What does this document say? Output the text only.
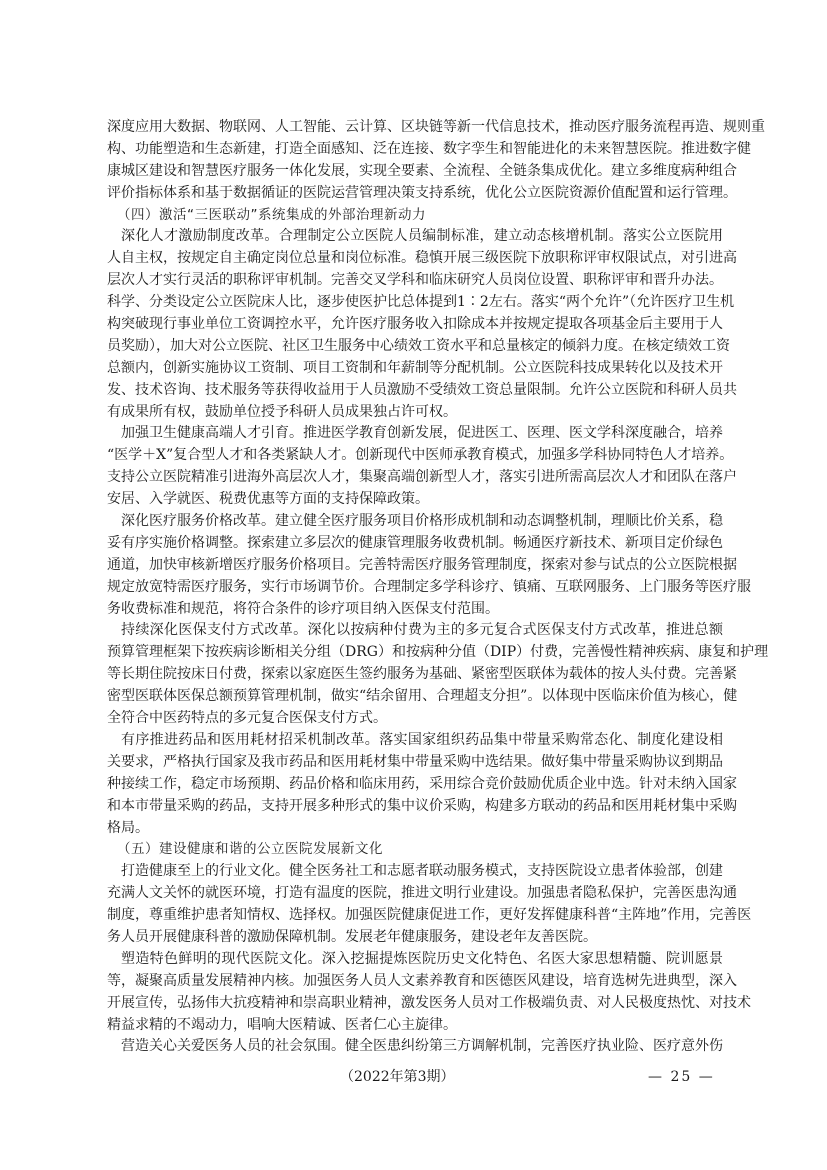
深度应用大数据、物联网、人工智能、云计算、区块链等新一代信息技术，推动医疗服务流程再造、规则重
构、功能塑造和生态新建，打造全面感知、泛在连接、数字孪生和智能进化的未来智慧医院。推进数字健
康城区建设和智慧医疗服务一体化发展，实现全要素、全流程、全链条集成优化。建立多维度病种组合
评价指标体系和基于数据循证的医院运营管理决策支持系统，优化公立医院资源价值配置和运行管理。
（四）激活“三医联动”系统集成的外部治理新动力
深化人才激励制度改革。合理制定公立医院人员编制标准，建立动态核增机制。落实公立医院用
人自主权，按规定自主确定岗位总量和岗位标准。稳慎开展三级医院下放职称评审权限试点，对引进高
层次人才实行灵活的职称评审机制。完善交叉学科和临床研究人员岗位设置、职称评审和晋升办法。
科学、分类设定公立医院床人比，逐步使医护比总体提到1∶2左右。落实“两个允许”（允许医疗卫生机
构突破现行事业单位工资调控水平，允许医疗服务收入扣除成本并按规定提取各项基金后主要用于人
员奖励），加大对公立医院、社区卫生服务中心绩效工资水平和总量核定的倾斜力度。在核定绩效工资
总额内，创新实施协议工资制、项目工资制和年薪制等分配机制。公立医院科技成果转化以及技术开
发、技术咨询、技术服务等获得收益用于人员激励不受绩效工资总量限制。允许公立医院和科研人员共
有成果所有权，鼓励单位授予科研人员成果独占许可权。
加强卫生健康高端人才引育。推进医学教育创新发展，促进医工、医理、医文学科深度融合，培养
“医学＋X”复合型人才和各类紧缺人才。创新现代中医师承教育模式，加强多学科协同特色人才培养。
支持公立医院精准引进海外高层次人才，集聚高端创新型人才，落实引进所需高层次人才和团队在落户
安居、入学就医、税费优惠等方面的支持保障政策。
深化医疗服务价格改革。建立健全医疗服务项目价格形成机制和动态调整机制，理顺比价关系，稳
妥有序实施价格调整。探索建立多层次的健康管理服务收费机制。畅通医疗新技术、新项目定价绿色
通道，加快审核新增医疗服务价格项目。完善特需医疗服务管理制度，探索对参与试点的公立医院根据
规定放宽特需医疗服务，实行市场调节价。合理制定多学科诊疗、镇痛、互联网服务、上门服务等医疗服
务收费标准和规范，将符合条件的诊疗项目纳入医保支付范围。
持续深化医保支付方式改革。深化以按病种付费为主的多元复合式医保支付方式改革，推进总额
预算管理框架下按疾病诊断相关分组（DRG）和按病种分值（DIP）付费，完善慢性精神疾病、康复和护理
等长期住院按床日付费，探索以家庭医生签约服务为基础、紧密型医联体为载体的按人头付费。完善紧
密型医联体医保总额预算管理机制，做实“结余留用、合理超支分担”。以体现中医临床价值为核心，健
全符合中医药特点的多元复合医保支付方式。
有序推进药品和医用耗材招采机制改革。落实国家组织药品集中带量采购常态化、制度化建设相
关要求，严格执行国家及我市药品和医用耗材集中带量采购中选结果。做好集中带量采购协议到期品
种接续工作，稳定市场预期、药品价格和临床用药，采用综合竞价鼓励优质企业中选。针对未纳入国家
和本市带量采购的药品，支持开展多种形式的集中议价采购，构建多方联动的药品和医用耗材集中采购
格局。
（五）建设健康和谐的公立医院发展新文化
打造健康至上的行业文化。健全医务社工和志愿者联动服务模式，支持医院设立患者体验部，创建
充满人文关怀的就医环境，打造有温度的医院，推进文明行业建设。加强患者隐私保护，完善医患沟通
制度，尊重维护患者知情权、选择权。加强医院健康促进工作，更好发挥健康科普“主阵地”作用，完善医
务人员开展健康科普的激励保障机制。发展老年健康服务，建设老年友善医院。
塑造特色鲜明的现代医院文化。深入挖掘提炼医院历史文化特色、名医大家思想精髓、院训愿景
等，凝聚高质量发展精神内核。加强医务人员人文素养教育和医德医风建设，培育选树先进典型，深入
开展宣传，弘扬伟大抗疫精神和崇高职业精神，激发医务人员对工作极端负责、对人民极度热忱、对技术
精益求精的不竭动力，唱响大医精诚、医者仁心主旋律。
营造关心关爱医务人员的社会氛围。健全医患纠纷第三方调解机制，完善医疗执业险、医疗意外伤
（2022年第3期）	— 25 —
